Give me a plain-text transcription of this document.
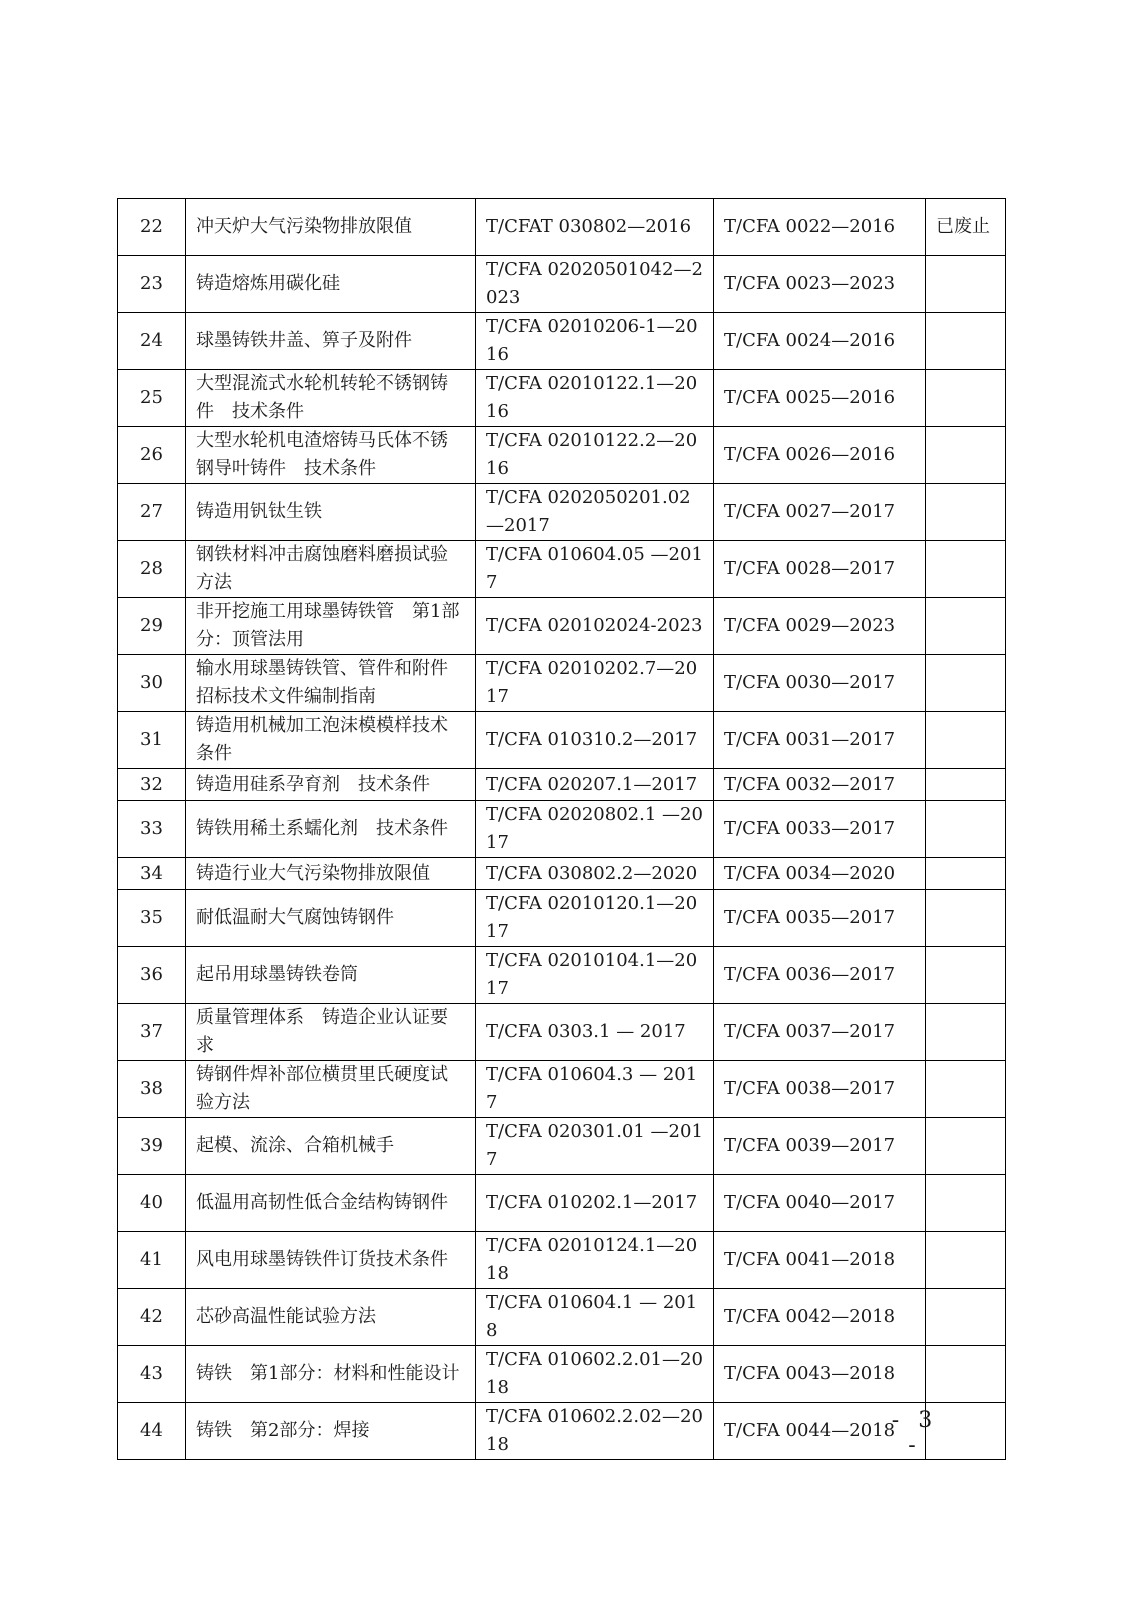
22	冲天炉大气污染物排放限值	T/CFAT 030802—2016	T/CFA 0022—2016	已废止
23	铸造熔炼用碳化硅	T/CFA 02020501042—2023	T/CFA 0023—2023	
24	球墨铸铁井盖、箅子及附件	T/CFA 02010206-1—2016	T/CFA 0024—2016	
25	大型混流式水轮机转轮不锈钢铸件　技术条件	T/CFA 02010122.1—2016	T/CFA 0025—2016	
26	大型水轮机电渣熔铸马氏体不锈钢导叶铸件　技术条件	T/CFA 02010122.2—2016	T/CFA 0026—2016	
27	铸造用钒钛生铁	T/CFA 0202050201.02 —2017	T/CFA 0027—2017	
28	钢铁材料冲击腐蚀磨料磨损试验方法	T/CFA 010604.05 —2017	T/CFA 0028—2017	
29	非开挖施工用球墨铸铁管　第1部分：顶管法用	T/CFA 020102024-2023	T/CFA 0029—2023	
30	输水用球墨铸铁管、管件和附件　招标技术文件编制指南	T/CFA 02010202.7—2017	T/CFA 0030—2017	
31	铸造用机械加工泡沫模模样技术条件	T/CFA 010310.2—2017	T/CFA 0031—2017	
32	铸造用硅系孕育剂　技术条件	T/CFA 020207.1—2017	T/CFA 0032—2017	
33	铸铁用稀土系蠕化剂　技术条件	T/CFA 02020802.1 —2017	T/CFA 0033—2017	
34	铸造行业大气污染物排放限值	T/CFA 030802.2—2020	T/CFA 0034—2020	
35	耐低温耐大气腐蚀铸钢件	T/CFA 02010120.1—2017	T/CFA 0035—2017	
36	起吊用球墨铸铁卷筒	T/CFA 02010104.1—2017	T/CFA 0036—2017	
37	质量管理体系　铸造企业认证要求	T/CFA 0303.1 — 2017	T/CFA 0037—2017	
38	铸钢件焊补部位横贯里氏硬度试验方法	T/CFA 010604.3 — 2017	T/CFA 0038—2017	
39	起模、流涂、合箱机械手	T/CFA 020301.01 —2017	T/CFA 0039—2017	
40	低温用高韧性低合金结构铸钢件	T/CFA 010202.1—2017	T/CFA 0040—2017	
41	风电用球墨铸铁件订货技术条件	T/CFA 02010124.1—2018	T/CFA 0041—2018	
42	芯砂高温性能试验方法	T/CFA 010604.1 — 2018	T/CFA 0042—2018	
43	铸铁　第1部分：材料和性能设计	T/CFA 010602.2.01—2018	T/CFA 0043—2018	
44	铸铁　第2部分：焊接	T/CFA 010602.2.02—2018	T/CFA 0044—2018	
- 3 -
